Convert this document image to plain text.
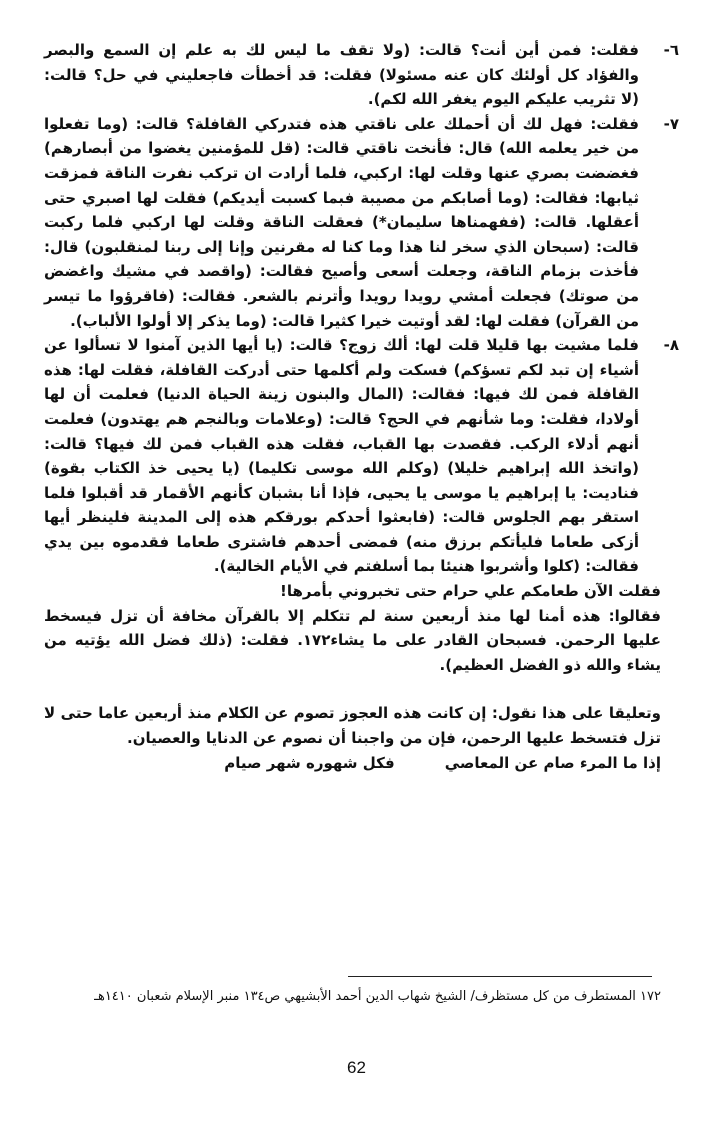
-٦

فقلت: فمن أين أنت؟ قالت: (ولا تقف ما ليس لك به علم إن السمع والبصر والفؤاد كل أولئك كان عنه مسئولا) فقلت: قد أخطأت فاجعليني في حل؟ قالت: (لا تثريب عليكم اليوم يغفر الله لكم).

-٧

فقلت: فهل لك أن أحملك على ناقتي هذه فتدركي القافلة؟ قالت: (وما تفعلوا من خير يعلمه الله) قال: فأنخت ناقتي قالت: (قل للمؤمنين يغضوا من أبصارهم) فغضضت بصري عنها وقلت لها: اركبي، فلما أرادت ان تركب نفرت الناقة فمزقت ثيابها: فقالت: (وما أصابكم من مصيبة فبما كسبت أيديكم) فقلت لها اصبري حتى أعقلها. قالت: (ففهمناها سليمان*) فعقلت الناقة وقلت لها اركبي فلما ركبت قالت: (سبحان الذي سخر لنا هذا وما كنا له مقرنين وإنا إلى ربنا لمنقلبون) قال: فأخذت بزمام الناقة، وجعلت أسعى وأصيح فقالت: (واقصد في مشيك واغضض من صوتك) فجعلت أمشي رويدا رويدا وأترنم بالشعر. فقالت: (فاقرؤوا ما تيسر من القرآن) فقلت لها: لقد أوتيت خيرا كثيرا قالت: (وما يذكر إلا أولوا الألباب).

-٨

فلما مشيت بها قليلا قلت لها: ألك زوج؟ قالت: (يا أيها الذين آمنوا لا تسألوا عن أشياء إن تبد لكم تسؤكم) فسكت ولم أكلمها حتى أدركت القافلة، فقلت لها: هذه القافلة فمن لك فيها: فقالت: (المال والبنون زينة الحياة الدنيا) فعلمت أن لها أولادا، فقلت: وما شأنهم في الحج؟ قالت: (وعلامات وبالنجم هم يهتدون) فعلمت أنهم أدلاء الركب. فقصدت بها القباب، فقلت هذه القباب فمن لك فيها؟ قالت: (واتخذ الله إبراهيم خليلا) (وكلم الله موسى تكليما) (يا يحيى خذ الكتاب بقوة) فناديت: يا إبراهيم يا موسى يا يحيى، فإذا أنا بشبان كأنهم الأقمار قد أقبلوا فلما استقر بهم الجلوس قالت: (فابعثوا أحدكم بورقكم هذه إلى المدينة فلينظر أيها أزكى طعاما فليأتكم برزق منه) فمضى أحدهم فاشترى طعاما فقدموه بين يدي فقالت: (كلوا وأشربوا هنيئا بما أسلفتم في الأيام الخالية).

فقلت الآن طعامكم علي حرام حتى تخبروني بأمرها!

فقالوا: هذه أمنا لها منذ أربعين سنة لم تتكلم إلا بالقرآن مخافة أن تزل فيسخط عليها الرحمن. فسبحان القادر على ما يشاء١٧٢. فقلت: (ذلك فضل الله يؤتيه من يشاء والله ذو الفضل العظيم).

وتعليقا على هذا نقول: إن كانت هذه العجوز تصوم عن الكلام منذ أربعين عاما حتى لا تزل فتسخط عليها الرحمن، فإن من واجبنا أن نصوم عن الدنايا والعصيان.

إذا ما المرء صام عن المعاصي
فكل شهوره شهر صيام
١٧٢ المستطرف من كل مستظرف/ الشيخ شهاب الدين أحمد الأبشيهي ص١٣٤ منبر الإسلام شعبان ١٤١٠هـ
62
